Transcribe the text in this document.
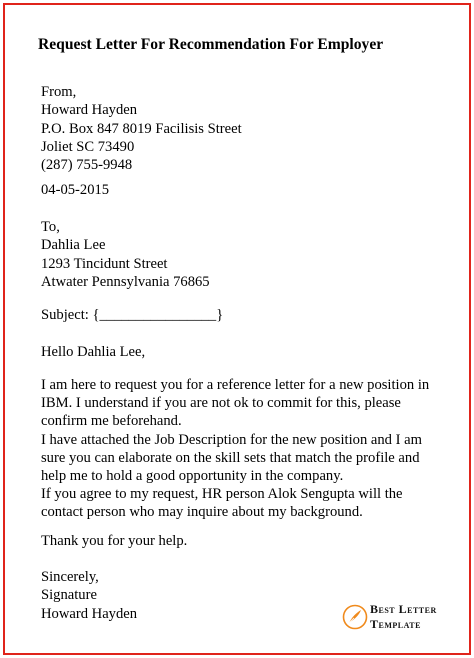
Request Letter For Recommendation For Employer
From,
Howard Hayden
P.O. Box 847 8019 Facilisis Street
Joliet SC 73490
(287) 755-9948
04-05-2015
To,
Dahlia Lee
1293 Tincidunt Street
Atwater Pennsylvania 76865
Subject: {________________}
Hello Dahlia Lee,
I am here to request you for a reference letter for a new position in
IBM. I understand if you are not ok to commit for this, please
confirm me beforehand.
I have attached the Job Description for the new position and I am
sure you can elaborate on the skill sets that match the profile and
help me to hold a good opportunity in the company.
If you agree to my request, HR person Alok Sengupta will the
contact person who may inquire about my background.
Thank you for your help.
Sincerely,
Signature
Howard Hayden	Best Letter
Template
